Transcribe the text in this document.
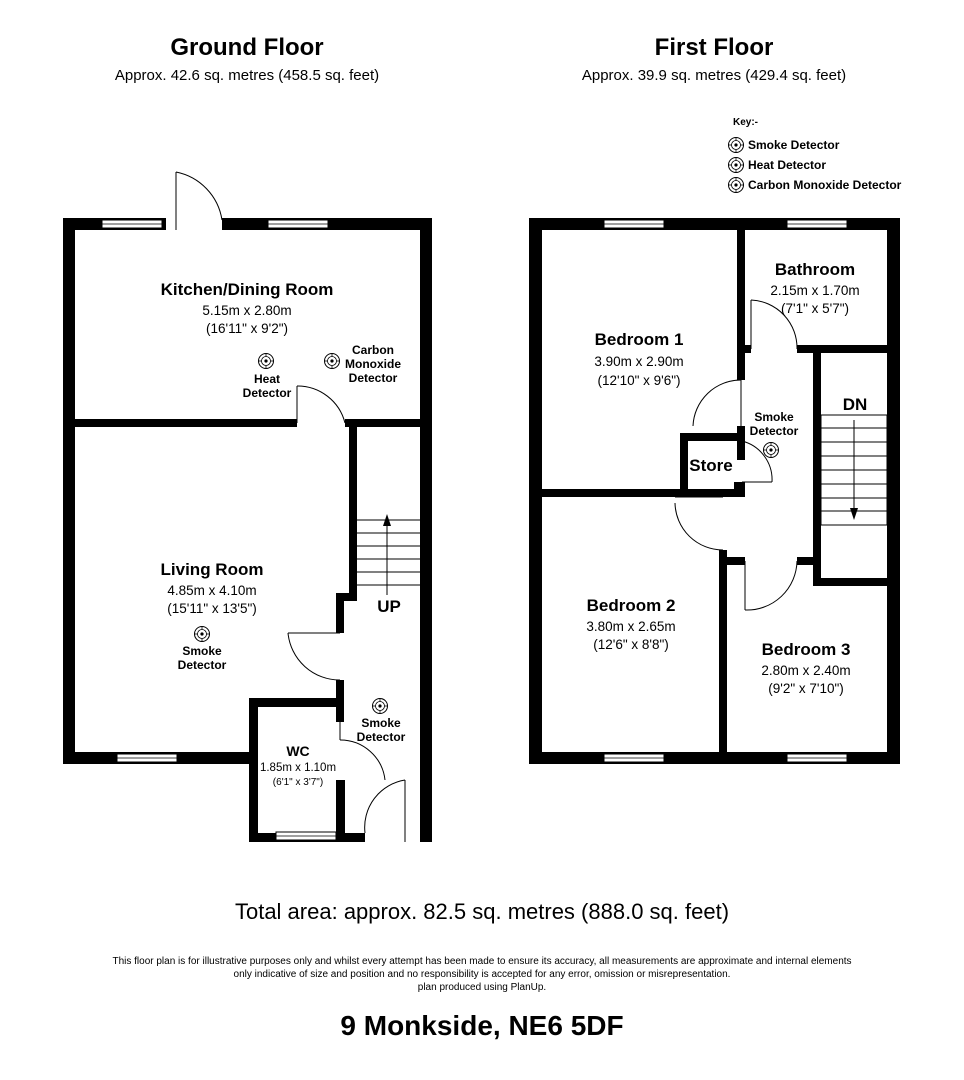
Ground Floor
Approx. 42.6 sq. metres (458.5 sq. feet)
First Floor
Approx. 39.9 sq. metres (429.4 sq. feet)
Key:-
Smoke Detector
Heat Detector
Carbon Monoxide Detector
Kitchen/Dining Room
5.15m x 2.80m
(16'11" x 9'2")
Heat
Detector
Carbon
Monoxide
Detector
Living Room
4.85m x 4.10m
(15'11" x 13'5")
Smoke
Detector
Smoke
Detector
UP
WC
1.85m x 1.10m
(6'1" x 3'7")
Bedroom 1
3.90m x 2.90m
(12'10" x 9'6")
Bathroom
2.15m x 1.70m
(7'1" x 5'7")
Smoke
Detector
Store
DN
Bedroom 2
3.80m x 2.65m
(12'6" x 8'8")	Bedroom 3
2.80m x 2.40m
(9'2" x 7'10")
Total area: approx. 82.5 sq. metres (888.0 sq. feet)
This floor plan is for illustrative purposes only and whilst every attempt has been made to ensure its accuracy, all measurements are approximate and internal elements
only indicative of size and position and no responsibility is accepted for any error, omission or misrepresentation.
plan produced using PlanUp.
9 Monkside, NE6 5DF
